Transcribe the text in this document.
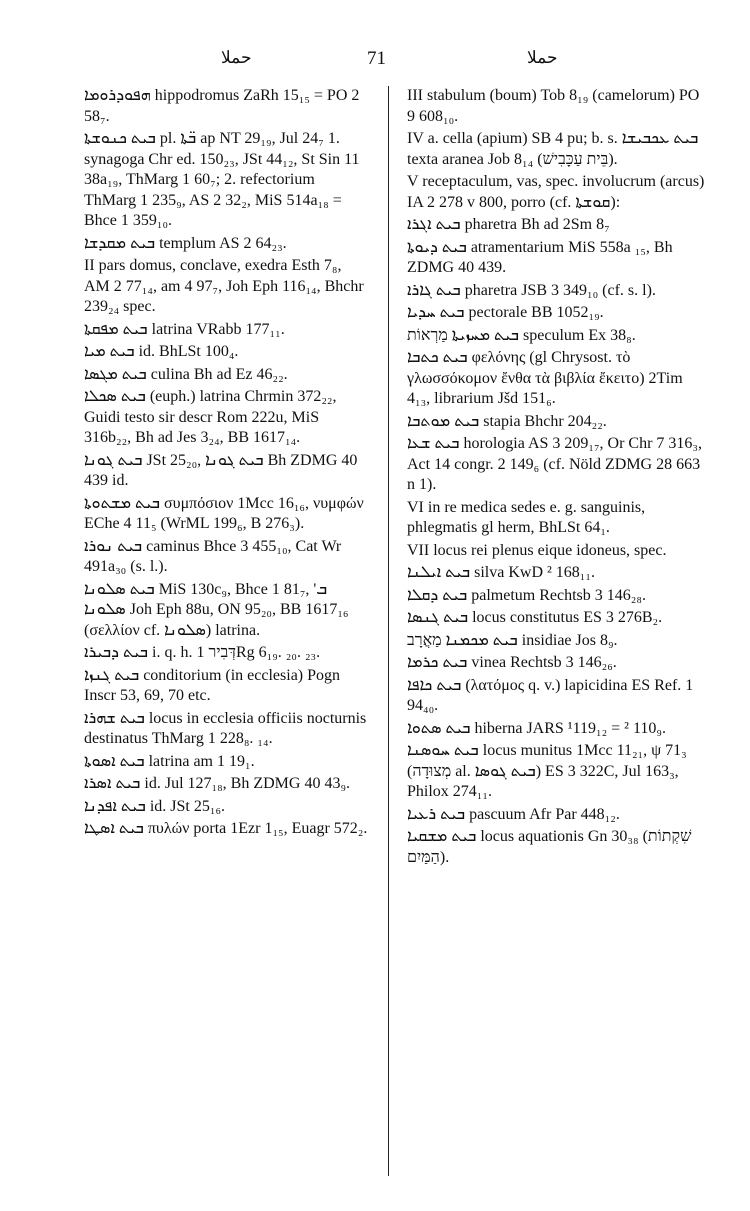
حملا	71	حملا

ܗܦܘܕܪܘܡܐ hippodromus ZaRh 15₁₅ = PO 2 58₇.

ܒܝܬ ܟܢܘܫܬܐ pl. ܒ̈ܬܐ ap NT 29₁₉, Jul 24₇ 1. synagoga Chr ed. 150₂₃, JSt 44₁₂, St Sin 11 38a₁₉, ThMarg 1 60₇; 2. refectorium ThMarg 1 235₉, AS 2 32₂, MiS 514a₁₈ = Bhce 1 359₁₀.

ܒܝܬ ܡܩܕܫܐ templum AS 2 64₂₃.

II pars domus, conclave, exedra Esth 7₈, AM 2 77₁₄, am 4 97₇, Joh Eph 116₁₄, Bhchr 239₂₄ spec.

ܒܝܬ ܡܦܩܬܐ latrina VRabb 177₁₁.

ܒܝܬ ܡܝܐ id. BhLSt 100₄.

ܒܝܬ ܡܓܣܐ culina Bh ad Ez 46₂₂.

ܒܝܬ ܣܟܠܐ (euph.) latrina Chrmin 372₂₂, Guidi testo sir descr Rom 222u, MiS 316b₂₂, Bh ad Jes 3₂₄, BB 1617₁₄.

ܒܝܬ ܓܘܢܐ JSt 25₂₀, ܒܝܬ ܓܘܢܐ Bh ZDMG 40 439 id.

ܒܝܬ ܡܫܬܘܬܐ συμπόσιον 1Mcc 16₁₆, νυμφών EChe 4 11₅ (WrML 199₆, B 276₃).

ܒܝܬ ܢܘܪܐ caminus Bhce 3 455₁₀, Cat Wr 491a₃₀ (s. l.).

ܒܝܬ ܣܠܘܢܐ MiS 130c₉, Bhce 1 81₇, ܒ' ܣܠܘܢܐ Joh Eph 88u, ON 95₂₀, BB 1617₁₆ (σελλίον cf. ܣܠܘܢܐ) latrina.

ܒܝܬ ܕܒܝܪܐ i. q. h. דְּבִיר 1Rg 6₁₉. ₂₀. ₂₃.

ܒܝܬ ܓܢܙܐ conditorium (in ecclesia) Pogn Inscr 53, 69, 70 etc.

ܒܝܬ ܫܗܪܐ locus in ecclesia officiis nocturnis destinatus ThMarg 1 228₈. ₁₄.

ܒܝܬ ܐܣܘܬܐ latrina am 1 19₁.

ܒܝܬ ܐܣܪܐ id. Jul 127₁₈, Bh ZDMG 40 43₉.

ܒܝܬ ܐܦܕܢܐ id. JSt 25₁₆.

ܒܝܬ ܐܣܛܐ πυλών porta 1Ezr 1₁₅, Euagr 572₂.

III stabulum (boum) Tob 8₁₉ (camelorum) PO 9 608₁₀.

IV a. cella (apium) SB 4 pu; b. s. ܒܝܬ ܥܟܒܝܫܐ texta aranea Job 8₁₄ (בֵּית עַכָּבִישׁ).

V receptaculum, vas, spec. involucrum (arcus) IA 2 278 v 800, porro (cf. ܩܘܫܬܐ):

ܒܝܬ ܐܓܪܐ pharetra Bh ad 2Sm 8₇

ܒܝܬ ܕܝܘܬܐ atramentarium MiS 558a ₁₅, Bh ZDMG 40 439.

ܒܝܬ ܓܐܪܐ pharetra JSB 3 349₁₀ (cf. s. l).

ܒܝܬ ܚܕܝܐ pectorale BB 1052₁₉.

ܒܝܬ ܡܚܙܝܬܐ מַרְאוֹת speculum Ex 38₈.

ܒܝܬ ܟܬܒܐ φελόνης (gl Chrysost. τὸ γλωσσόκομον ἔνθα τὰ βιβλία ἔκειτο) 2Tim 4₁₃, librarium Jšd 151₆.

ܒܝܬ ܡܘܬܒܐ stapia Bhchr 204₂₂.

ܒܝܬ ܫܥܐ horologia AS 3 209₁₇, Or Chr 7 316₃, Act 14 congr. 2 149₆ (cf. Nöld ZDMG 28 663 n 1).

VI in re medica sedes e. g. sanguinis, phlegmatis gl herm, BhLSt 64₁.

VII locus rei plenus eique idoneus, spec.

ܒܝܬ ܐܝܠܢܐ silva KwD ² 168₁₁.

ܒܝܬ ܕܩܠܐ palmetum Rechtsb 3 146₂₈.

ܒܝܬ ܓܢܣܐ locus constitutus ES 3 276B₂.

ܒܝܬ ܡܟܡܢܐ מַאֲרָב insidiae Jos 8₉.

ܒܝܬ ܟܪܡܐ vinea Rechtsb 3 146₂₆.

ܒܝܬ ܟܐܦܐ (λατόμος q. v.) lapicidina ES Ref. 1 94₄₀.

ܒܝܬ ܣܬܘܐ hiberna JARS ¹119₁₂ = ² 110₉.

ܒܝܬ ܚܘܣܢܐ locus munitus 1Mcc 11₂₁, ψ 71₃ (מְצוּדָה al. ܒܝܬ ܓܘܣܐ) ES 3 322C, Jul 163₃, Philox 274₁₁.

ܒܝܬ ܪܥܝܐ pascuum Afr Par 448₁₂.

ܒܝܬ ܡܫܩܝܐ locus aquationis Gn 30₃₈ (שִׁקְתוֹת הַמַּיִם).
